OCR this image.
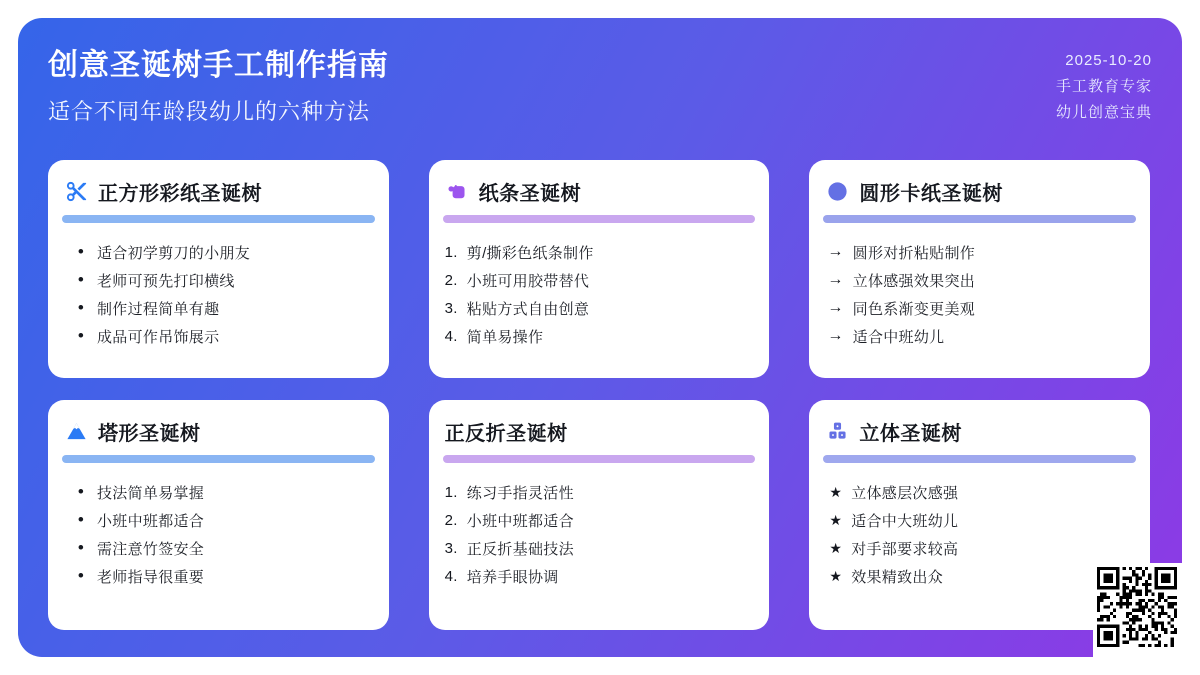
创意圣诞树手工制作指南
适合不同年龄段幼儿的六种方法
2025-10-20
手工教育专家
幼儿创意宝典
正方形彩纸圣诞树
• 适合初学剪刀的小朋友
• 老师可预先打印横线
• 制作过程简单有趣
• 成品可作吊饰展示
纸条圣诞树
1. 剪/撕彩色纸条制作
2. 小班可用胶带替代
3. 粘贴方式自由创意
4. 简单易操作
圆形卡纸圣诞树
→ 圆形对折粘贴制作
→ 立体感强效果突出
→ 同色系渐变更美观
→ 适合中班幼儿
塔形圣诞树
• 技法简单易掌握
• 小班中班都适合
• 需注意竹签安全
• 老师指导很重要
正反折圣诞树
1. 练习手指灵活性
2. 小班中班都适合
3. 正反折基础技法
4. 培养手眼协调
立体圣诞树
★ 立体感层次感强
★ 适合中大班幼儿
★ 对手部要求较高
★ 效果精致出众
